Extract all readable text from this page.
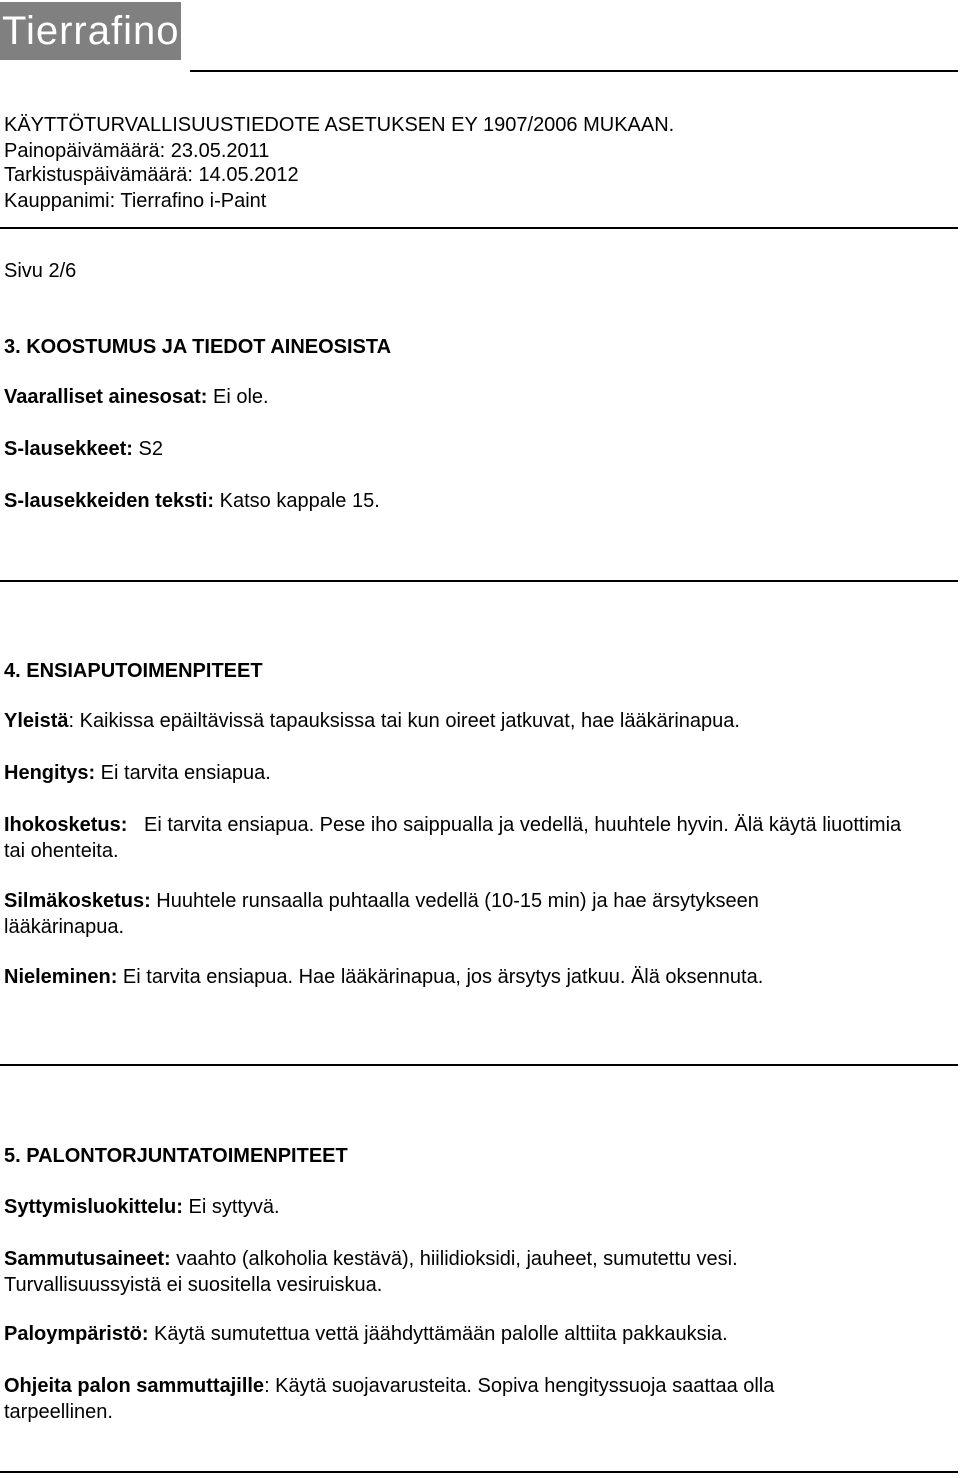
Tierrafino
KÄYTTÖTURVALLISUUSTIEDOTE ASETUKSEN EY 1907/2006 MUKAAN.
Painopäivämäärä: 23.05.2011
Tarkistuspäivämäärä: 14.05.2012
Kauppanimi: Tierrafino i-Paint
Sivu 2/6
3. KOOSTUMUS JA TIEDOT AINEOSISTA
Vaaralliset ainesosat: Ei ole.
S-lausekkeet: S2
S-lausekkeiden teksti: Katso kappale 15.
4. ENSIAPUTOIMENPITEET
Yleistä: Kaikissa epäiltävissä tapauksissa tai kun oireet jatkuvat, hae lääkärinapua.
Hengitys: Ei tarvita ensiapua.
Ihokosketus:   Ei tarvita ensiapua. Pese iho saippualla ja vedellä, huuhtele hyvin. Älä käytä liuottimia tai ohenteita.
Silmäkosketus: Huuhtele runsaalla puhtaalla vedellä (10-15 min) ja hae ärsytykseen lääkärinapua.
Nieleminen: Ei tarvita ensiapua. Hae lääkärinapua, jos ärsytys jatkuu. Älä oksennuta.
5. PALONTORJUNTATOIMENPITEET
Syttymisluokittelu: Ei syttyvä.
Sammutusaineet: vaahto (alkoholia kestävä), hiilidioksidi, jauheet, sumutettu vesi. Turvallisuussyistä ei suositella vesiruiskua.
Paloympäristö: Käytä sumutettua vettä jäähdyttämään palolle alttiita pakkauksia.
Ohjeita palon sammuttajille: Käytä suojavarusteita. Sopiva hengityssuoja saattaa olla tarpeellinen.
